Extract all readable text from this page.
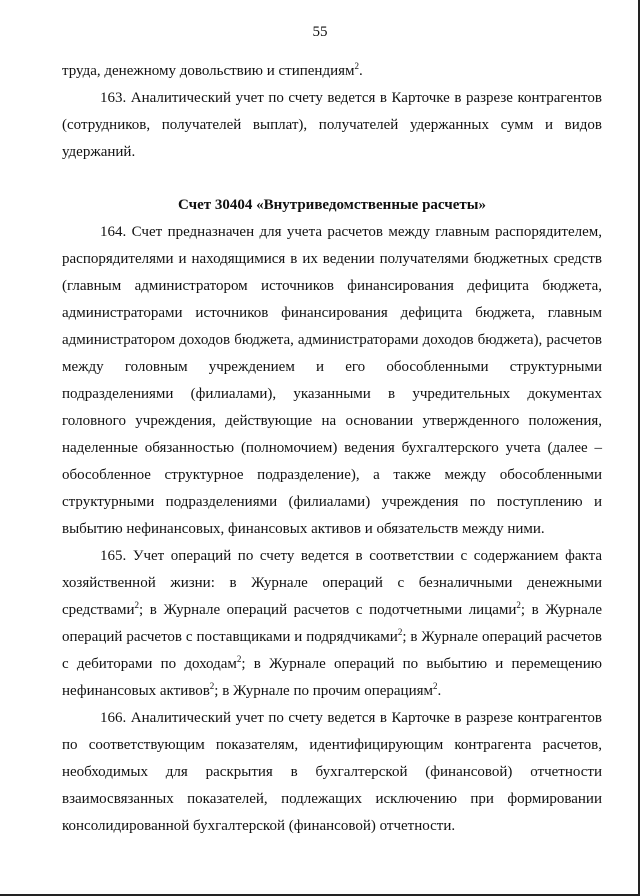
55

труда, денежному довольствию и стипендиям$^2$.

163. Аналитический учет по счету ведется в Карточке в разрезе контрагентов (сотрудников, получателей выплат), получателей удержанных сумм и видов удержаний.

Счет 30404 «Внутриведомственные расчеты»

164. Счет предназначен для учета расчетов между главным распорядителем, распорядителями и находящимися в их ведении получателями бюджетных средств (главным администратором источников финансирования дефицита бюджета, администраторами источников финансирования дефицита бюджета, главным администратором доходов бюджета, администраторами доходов бюджета), расчетов между головным учреждением и его обособленными структурными подразделениями (филиалами), указанными в учредительных документах головного учреждения, действующие на основании утвержденного положения, наделенные обязанностью (полномочием) ведения бухгалтерского учета (далее – обособленное структурное подразделение), а также между обособленными структурными подразделениями (филиалами) учреждения по поступлению и выбытию нефинансовых, финансовых активов и обязательств между ними.

165. Учет операций по счету ведется в соответствии с содержанием факта хозяйственной жизни: в Журнале операций с безналичными денежными средствами$^2$; в Журнале операций расчетов с подотчетными лицами$^2$; в Журнале операций расчетов с поставщиками и подрядчиками$^2$; в Журнале операций расчетов с дебиторами по доходам$^2$; в Журнале операций по выбытию и перемещению нефинансовых активов$^2$; в Журнале по прочим операциям$^2$.

166. Аналитический учет по счету ведется в Карточке в разрезе контрагентов по соответствующим показателям, идентифицирующим контрагента расчетов, необходимых для раскрытия в бухгалтерской (финансовой) отчетности взаимосвязанных показателей, подлежащих исключению при формировании консолидированной бухгалтерской (финансовой) отчетности.
